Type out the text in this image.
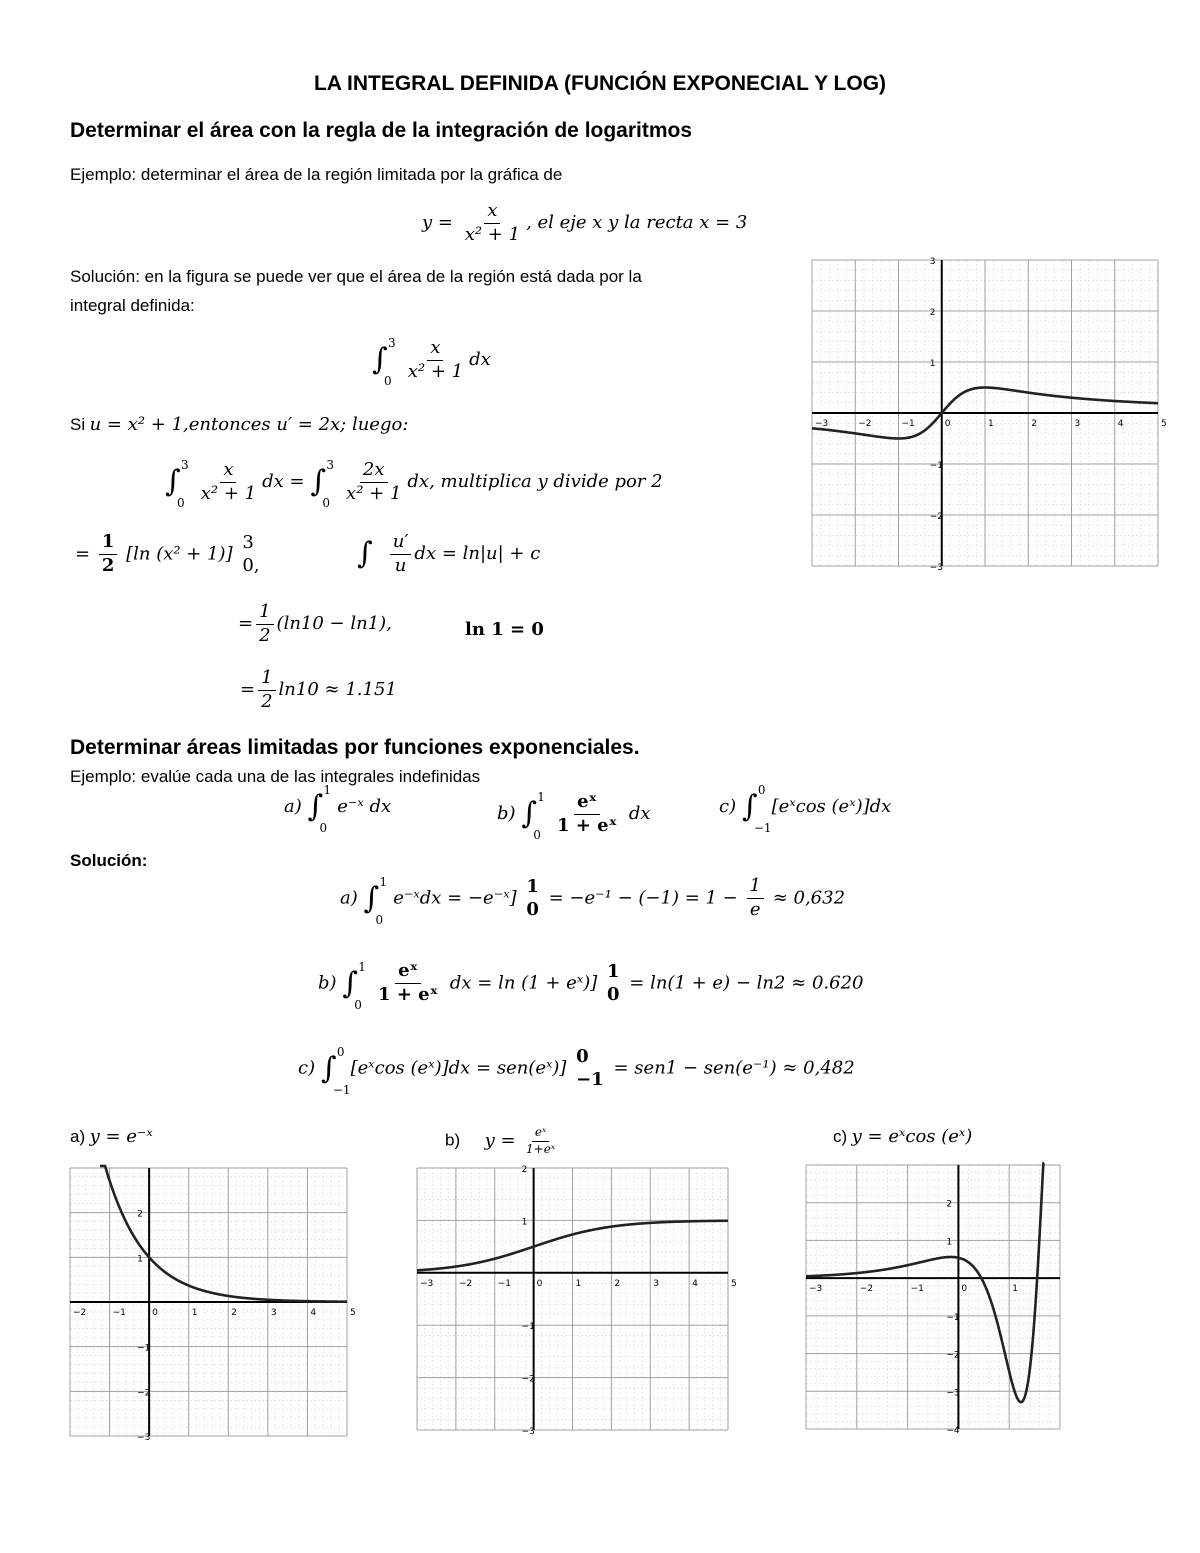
LA INTEGRAL DEFINIDA (FUNCIÓN EXPONECIAL Y LOG)
Determinar el área con la regla de la integración de logaritmos
Ejemplo: determinar el área de la región limitada por la gráfica de
$y = \frac{x}{\text{x² + 1}}$ , el eje x y la recta x = 3
Solución: en la figura se puede ver que el área de la región está dada por la
integral definida:
∫ 3
0
$\frac{x}{\text{x² + 1}}$ dx
Si u = x² + 1,entonces u′ = 2x; luego:
∫ 3
0
$\frac{x}{\text{x² + 1}}$ dx = ∫ 3
0
$\frac{2x}{\text{x² + 1}}$ dx, multiplica y divide por 2
= $\frac{1}{2} [\ln$ (x² + 1)]
3
0,	∫ $\frac{u'}{u}$ dx = ln|u| + c
= $\frac{1}{2} (\ln 10 - \ln 1)$,	ln 1 = 0
= $\frac{1}{2} \ln 10 \approx 1.151$
Determinar áreas limitadas por funciones exponenciales.
Ejemplo: evalúe cada una de las integrales indefinidas
a) ∫ 1
0
e⁻ˣ dx	b) ∫ 1
0
$\frac{\text{eˣ}}{\text{1 + eˣ}}$ dx	c) ∫ 0
−1
[eˣcos (eˣ)]dx
Solución:
a) ∫ 1
0
e⁻ˣdx = −e⁻ˣ]
1
0
= $-e^{-1} - (-1) = 1 - \frac{1}{e} \approx 0,632$
b) ∫ 1
0
$\frac{\text{eˣ}}{\text{1 + eˣ}}$ dx = ln (1 + eˣ)]
1
0
= ln(1 + e) − ln2 ≈ 0.620
c) ∫ 0
−1
[eˣcos (eˣ)]dx = sen(eˣ)]
0
−1
= sen1 − sen(e⁻¹) ≈ 0,482
a) y = e⁻ˣ	b) $y = \frac{\text{eˣ}}{\text{1+eˣ}}$	c) y = eˣcos (eˣ)
−3	−2	−1	0	1	2	3	4	5
−3
−2
−1
1
2
3
−2	−1	0	1	2	3	4	5
−3
−2
−1
1
2
−3	−2	−1	0	1	2	3	4	5
−3
−2
−1
1
2
−3	−2	−1	0	1
−4
−3
−2
−1
1
2
